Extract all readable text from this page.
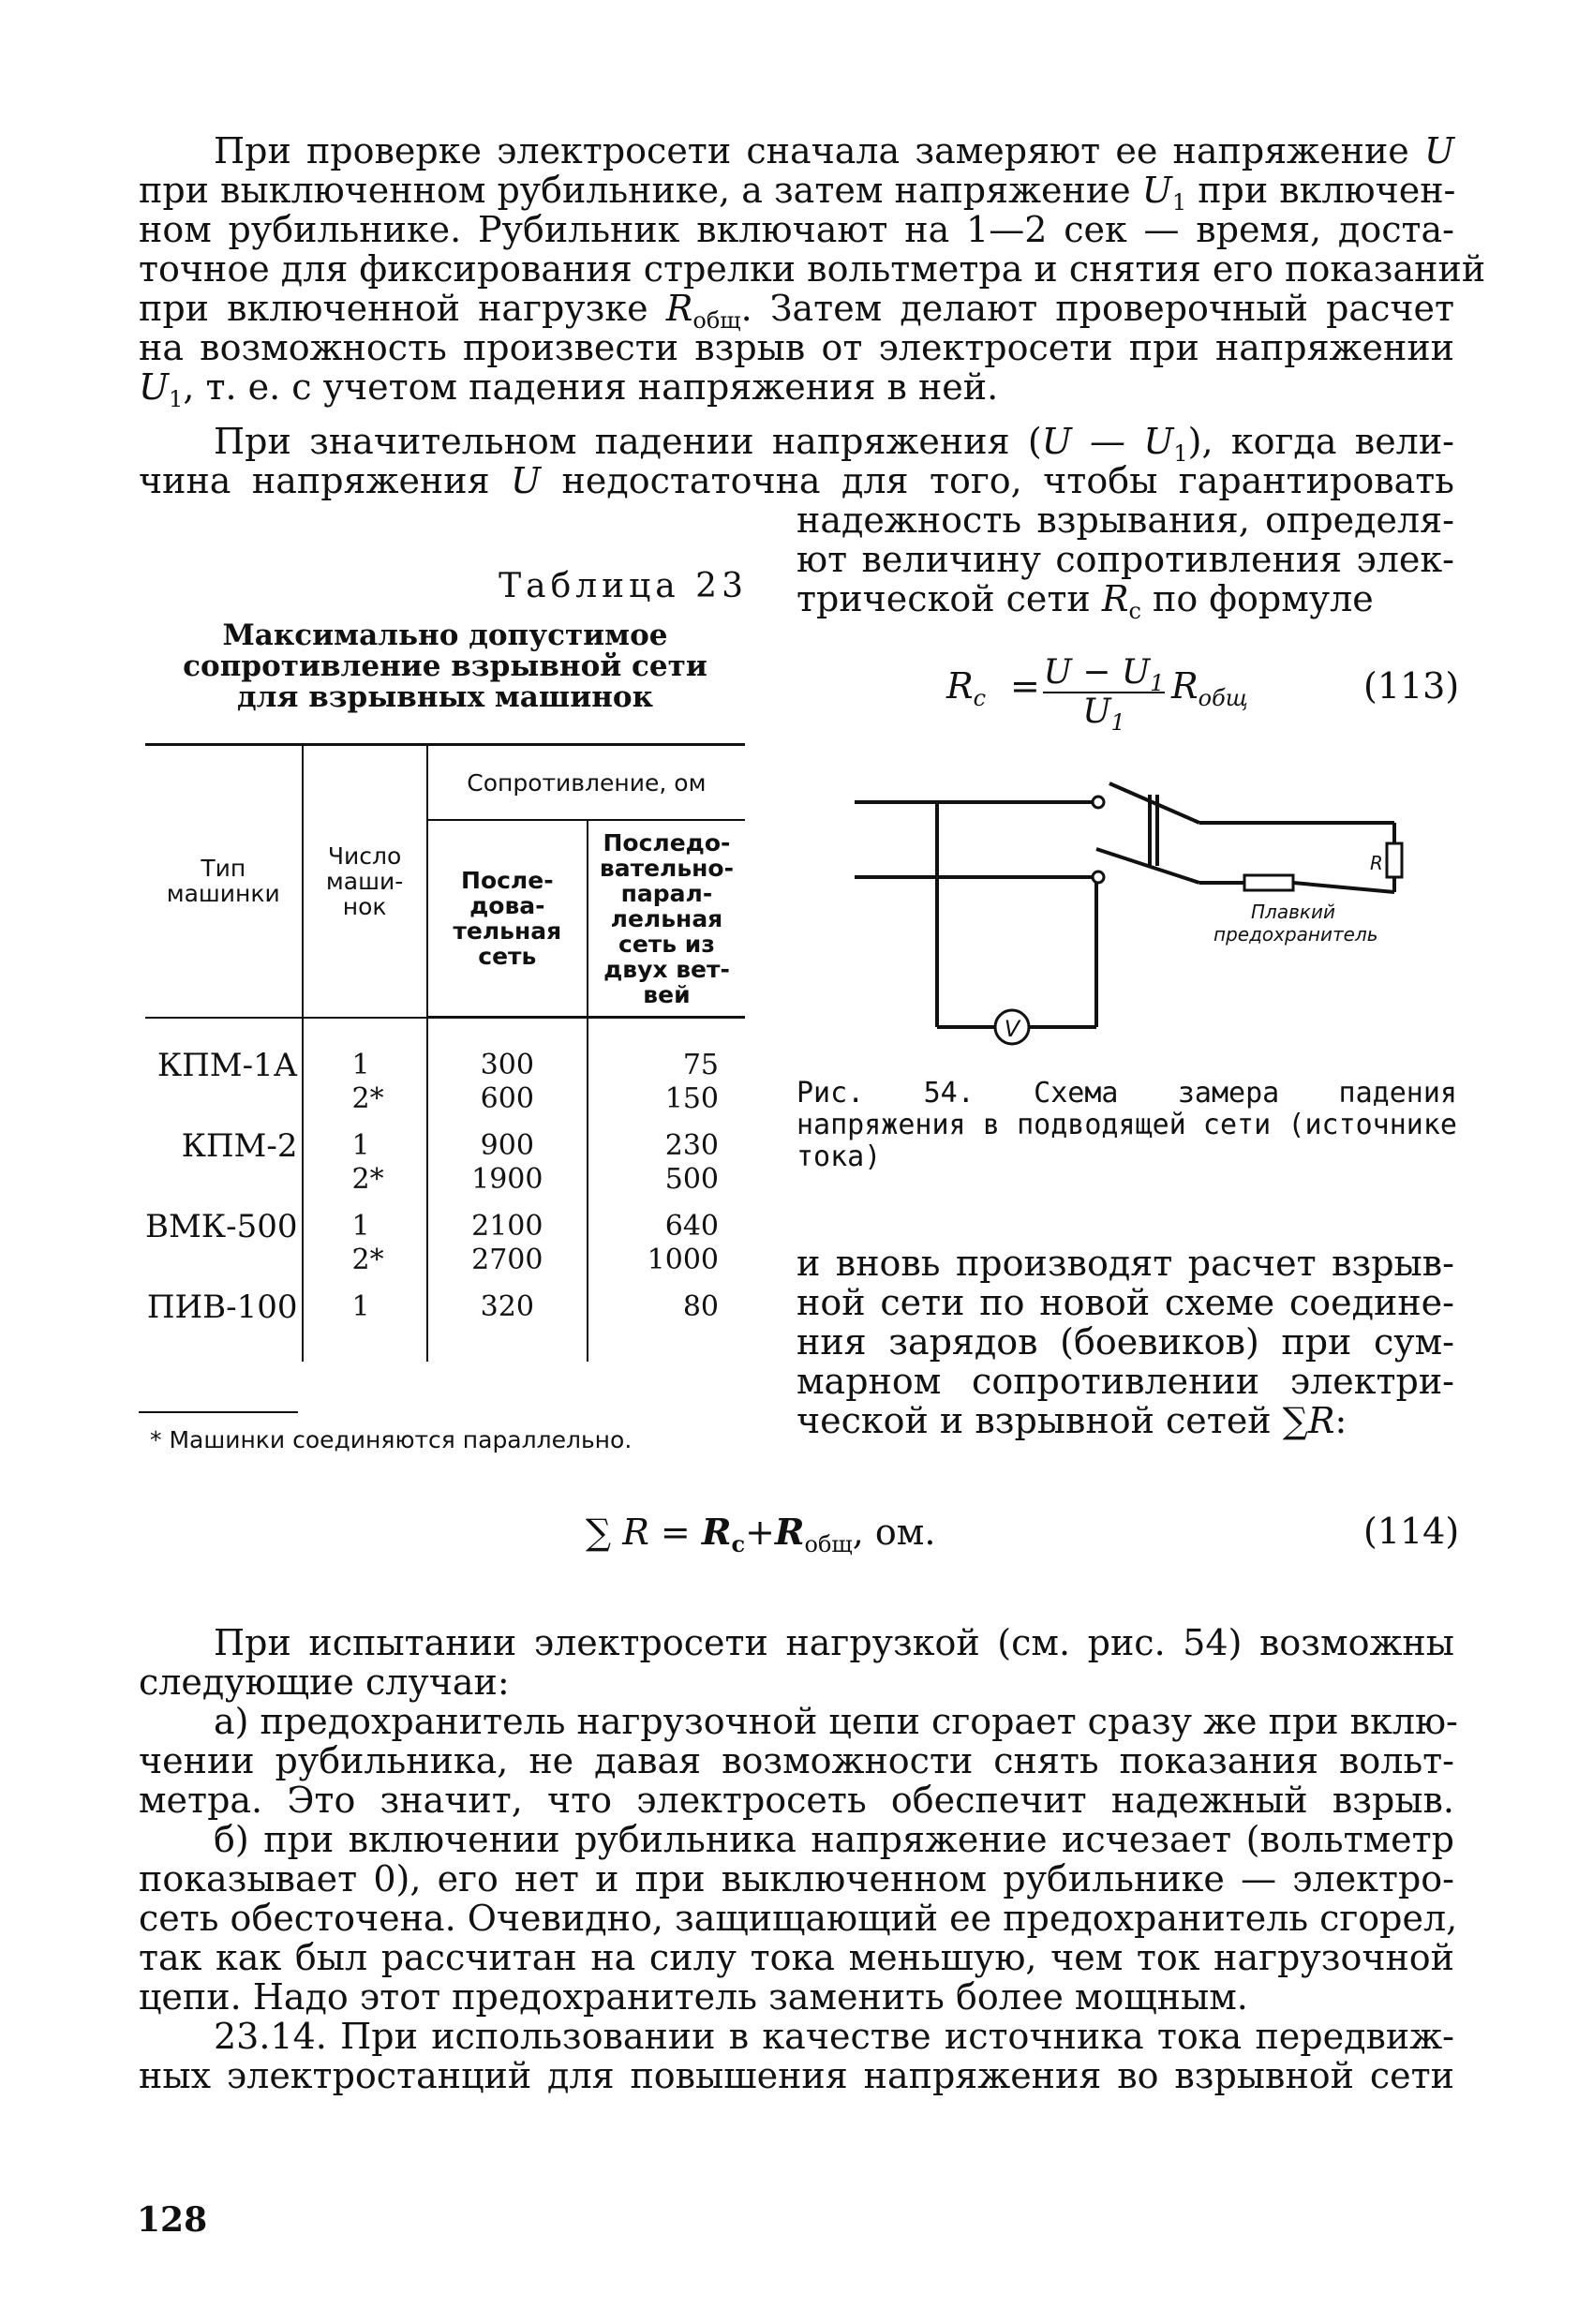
При проверке электросети сначала замеряют ее напряжение U
при выключенном рубильнике, а затем напряжение $U_1$ при включен-
ном рубильнике. Рубильник включают на 1—2 сек — время, доста-
точное для фиксирования стрелки вольтметра и снятия его показаний
при включенной нагрузке $R_{общ}$. Затем делают проверочный расчет
на возможность произвести взрыв от электросети при напряжении
$U_1$, т. е. с учетом падения напряжения в ней.
При значительном падении напряжения (U — $U_1$), когда вели-
чина напряжения U недостаточна для того, чтобы гарантировать
надежность взрывания, определя-
ют величину сопротивления элек-
трической сети $R_с$ по формуле

Таблица 23

Максимально допустимое
сопротивление взрывной сети
для взрывных машинок	$R_с = \frac{U - U_1}{U_1} R_{общ}$	(113)
Тип машинки	Число маши- нок	Сопротивление, ом	
		После- дова- тельная сеть	Последо- вательно- парал- лельная сеть из двух вет- вей
КПМ-1А	1	300	75
	2*	600	150
КПМ-2	1	900	230
	2*	1900	500
ВМК-500	1	2100	640
	2*	2700	1000
ПИВ-100	1	320	80

* Машинки соединяются параллельно.

V
R
Плавкий
предохранитель

Рис. 54. Схема замера падения напряжения в подводящей сети (источнике тока)

и вновь производят расчет взрыв-
ной сети по новой схеме соедине-
ния зарядов (боевиков) при сум-
марном сопротивлении электри-
ческой и взрывной сетей ∑R:
∑ $R = R_с+R_{общ}$, ом.	(114)
При испытании электросети нагрузкой (см. рис. 54) возможны
следующие случаи:
а) предохранитель нагрузочной цепи сгорает сразу же при вклю-
чении рубильника, не давая возможности снять показания вольт-
метра. Это значит, что электросеть обеспечит надежный взрыв.
б) при включении рубильника напряжение исчезает (вольтметр
показывает 0), его нет и при выключенном рубильнике — электро-
сеть обесточена. Очевидно, защищающий ее предохранитель сгорел,
так как был рассчитан на силу тока меньшую, чем ток нагрузочной
цепи. Надо этот предохранитель заменить более мощным.
23.14. При использовании в качестве источника тока передвиж-
ных электростанций для повышения напряжения во взрывной сети

128
